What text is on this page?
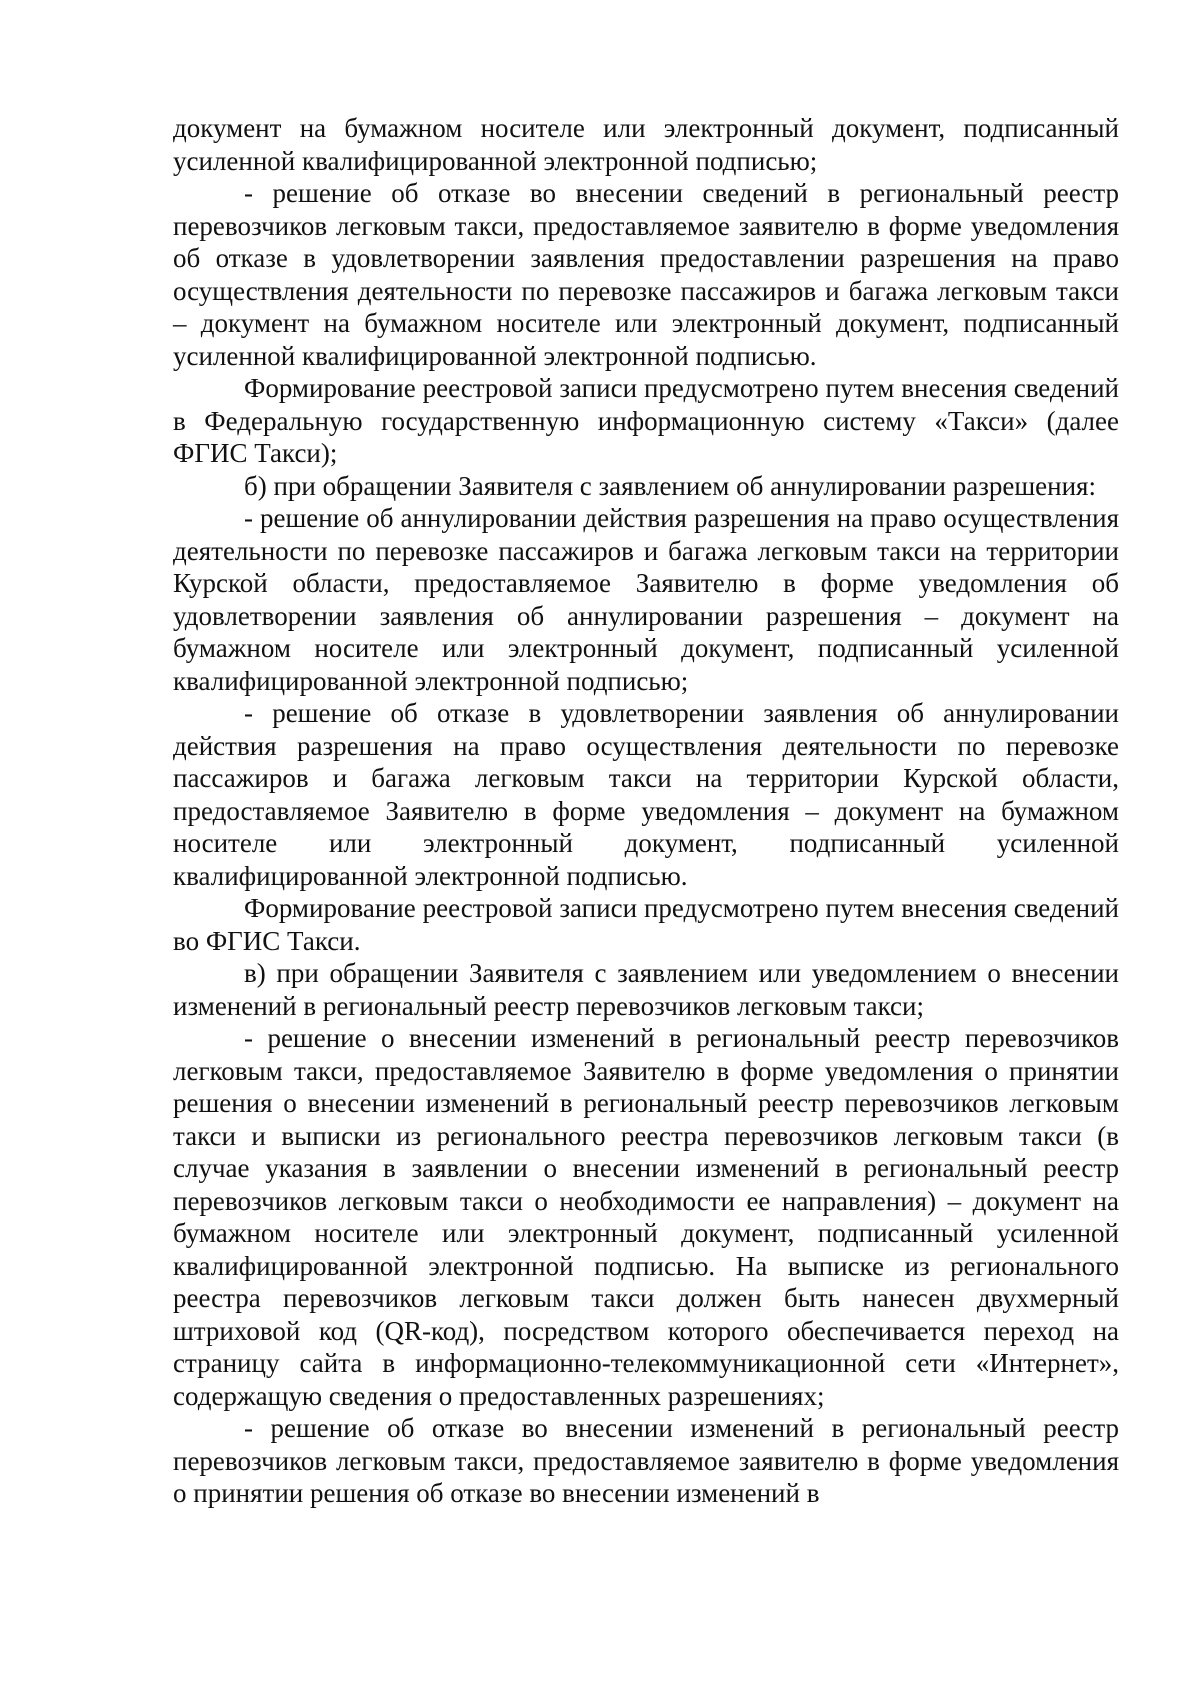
документ на бумажном носителе или электронный документ, подписанный усиленной квалифицированной электронной подписью;

- решение об отказе во внесении сведений в региональный реестр перевозчиков легковым такси, предоставляемое заявителю в форме уведомления об отказе в удовлетворении заявления предоставлении разрешения на право осуществления деятельности по перевозке пассажиров и багажа легковым такси – документ на бумажном носителе или электронный документ, подписанный усиленной квалифицированной электронной подписью.

Формирование реестровой записи предусмотрено путем внесения сведений в Федеральную государственную информационную систему «Такси» (далее ФГИС Такси);

б) при обращении Заявителя с заявлением об аннулировании разрешения:

- решение об аннулировании действия разрешения на право осуществления деятельности по перевозке пассажиров и багажа легковым такси на территории Курской области, предоставляемое Заявителю в форме уведомления об удовлетворении заявления об аннулировании разрешения – документ на бумажном носителе или электронный документ, подписанный усиленной квалифицированной электронной подписью;

- решение об отказе в удовлетворении заявления об аннулировании действия разрешения на право осуществления деятельности по перевозке пассажиров и багажа легковым такси на территории Курской области, предоставляемое Заявителю в форме уведомления – документ на бумажном носителе или электронный документ, подписанный усиленной квалифицированной электронной подписью.

Формирование реестровой записи предусмотрено путем внесения сведений во ФГИС Такси.

в) при обращении Заявителя с заявлением или уведомлением о внесении изменений в региональный реестр перевозчиков легковым такси;

- решение о внесении изменений в региональный реестр перевозчиков легковым такси, предоставляемое Заявителю в форме уведомления о принятии решения о внесении изменений в региональный реестр перевозчиков легковым такси и выписки из регионального реестра перевозчиков легковым такси (в случае указания в заявлении о внесении изменений в региональный реестр перевозчиков легковым такси о необходимости ее направления) – документ на бумажном носителе или электронный документ, подписанный усиленной квалифицированной электронной подписью. На выписке из регионального реестра перевозчиков легковым такси должен быть нанесен двухмерный штриховой код (QR-код), посредством которого обеспечивается переход на страницу сайта в информационно-телекоммуникационной сети «Интернет», содержащую сведения о предоставленных разрешениях;

- решение об отказе во внесении изменений в региональный реестр перевозчиков легковым такси, предоставляемое заявителю в форме уведомления о принятии решения об отказе во внесении изменений в
